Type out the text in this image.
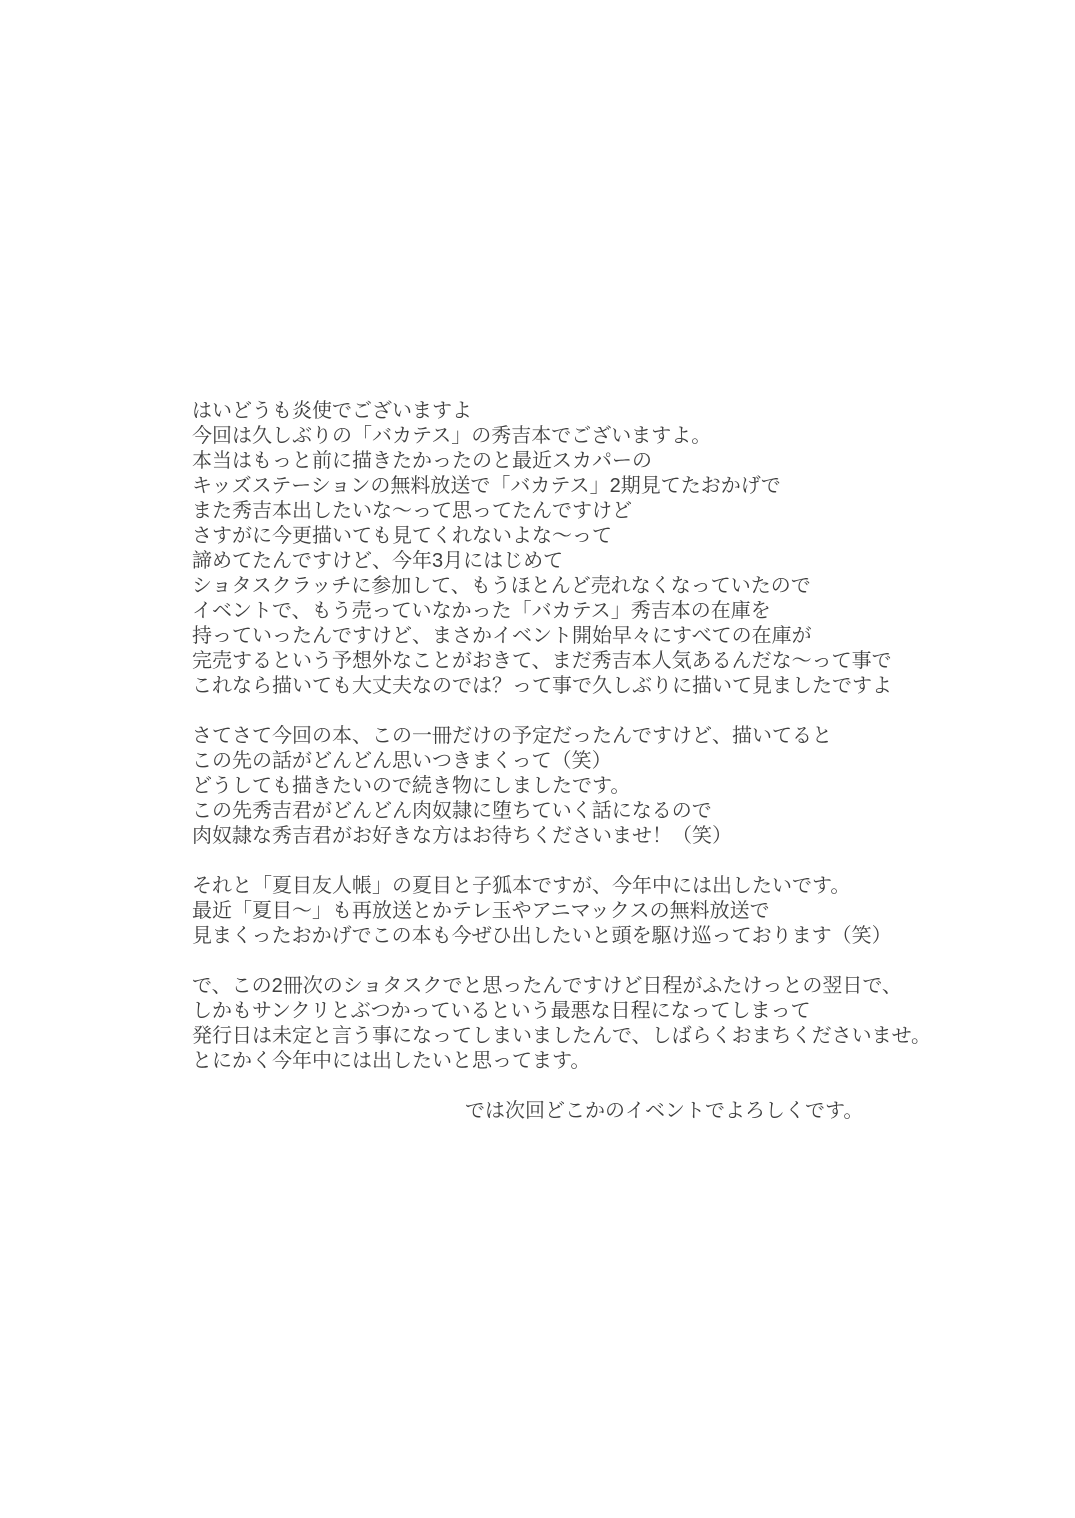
はいどうも炎使でございますよ
今回は久しぶりの「バカテス」の秀吉本でございますよ。
本当はもっと前に描きたかったのと最近スカパーの
キッズステーションの無料放送で「バカテス」2期見てたおかげで
また秀吉本出したいな～って思ってたんですけど
さすがに今更描いても見てくれないよな～って
諦めてたんですけど、今年3月にはじめて
ショタスクラッチに参加して、もうほとんど売れなくなっていたので
イベントで、もう売っていなかった「バカテス」秀吉本の在庫を
持っていったんですけど、まさかイベント開始早々にすべての在庫が
完売するという予想外なことがおきて、まだ秀吉本人気あるんだな～って事で
これなら描いても大丈夫なのでは？って事で久しぶりに描いて見ましたですよ

さてさて今回の本、この一冊だけの予定だったんですけど、描いてると
この先の話がどんどん思いつきまくって（笑）
どうしても描きたいので続き物にしましたです。
この先秀吉君がどんどん肉奴隷に堕ちていく話になるので
肉奴隷な秀吉君がお好きな方はお待ちくださいませ！（笑）

それと「夏目友人帳」の夏目と子狐本ですが、今年中には出したいです。
最近「夏目～」も再放送とかテレ玉やアニマックスの無料放送で
見まくったおかげでこの本も今ぜひ出したいと頭を駆け巡っております（笑）

で、この2冊次のショタスクでと思ったんですけど日程がふたけっとの翌日で、
しかもサンクリとぶつかっているという最悪な日程になってしまって
発行日は未定と言う事になってしまいましたんで、しばらくおまちくださいませ。
とにかく今年中には出したいと思ってます。

では次回どこかのイベントでよろしくです。
